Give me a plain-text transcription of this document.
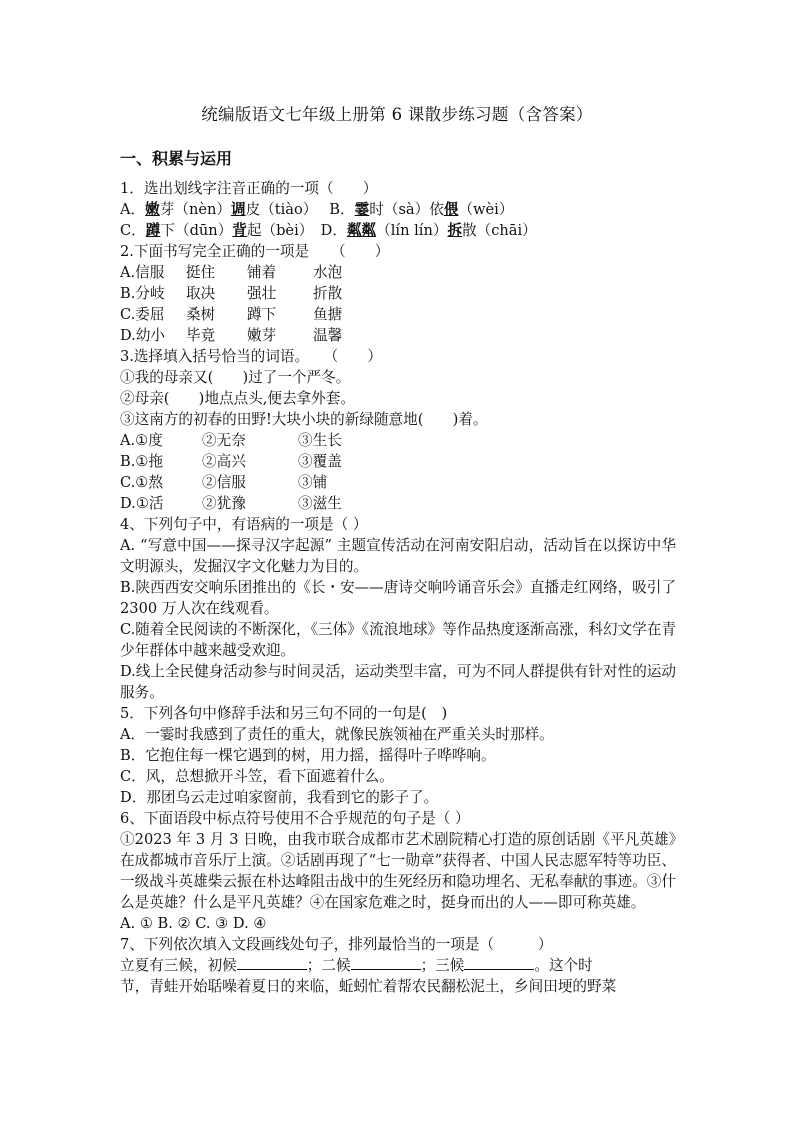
统编版语文七年级上册第 6 课散步练习题（含答案）
一、积累与运用
1．选出划线字注音正确的一项（　　）
A．嫩芽（nèn）调皮（tiào）　 B．霎时（sà）依偎（wèi）
C．蹲下（dūn）背起（bèi）　D．粼粼（lín lín）拆散（chāi）
2.下面书写完全正确的一项是　　（　　）
A.信服 挺住 铺着	水泡
B.分岐 取决 强壮	折散
C.委屈 桑树 蹲下	鱼搪
D.幼小 毕竟 嫩芽	温馨
3.选择填入括号恰当的词语。　　（　　）
①我的母亲又(　　)过了一个严冬。
②母亲(　　)地点点头,便去拿外套。
③这南方的初春的田野!大块小块的新绿随意地(　　)着。
A.①度	②无奈	③生长
B.①拖	②高兴	③覆盖
C.①熬	②信服	③铺
D.①活	②犹豫	③滋生
4、下列句子中，有语病的一项是（ ）
A. “写意中国——探寻汉字起源” 主题宣传活动在河南安阳启动，活动旨在以探访中华文明源头，发掘汉字文化魅力为目的。
B.陕西西安交响乐团推出的《长・安——唐诗交响吟诵音乐会》直播走红网络，吸引了 2300 万人次在线观看。
C.随着全民阅读的不断深化，《三体》《流浪地球》等作品热度逐渐高涨，科幻文学在青少年群体中越来越受欢迎。
D.线上全民健身活动参与时间灵活，运动类型丰富，可为不同人群提供有针对性的运动服务。
5．下列各句中修辞手法和另三句不同的一句是(　)
A．一霎时我感到了责任的重大，就像民族领袖在严重关头时那样。
B．它抱住每一棵它遇到的树，用力摇，摇得叶子哗哗响。
C．风，总想掀开斗笠，看下面遮着什么。
D．那团乌云走过咱家窗前，我看到它的影子了。
6、下面语段中标点符号使用不合乎规范的句子是（ ）
①2023 年 3 月 3 日晚，由我市联合成都市艺术剧院精心打造的原创话剧《平凡英雄》在成都城市音乐厅上演。②话剧再现了“七一勋章”获得者、中国人民志愿军特等功臣、一级战斗英雄柴云振在朴达峰阻击战中的生死经历和隐功埋名、无私奉献的事迹。③什么是英雄？什么是平凡英雄？④在国家危难之时，挺身而出的人——即可称英雄。
A. ① B. ② C. ③ D. ④
7、下列依次填入文段画线处句子，排列最恰当的一项是（　　　）
立夏有三候，初候	；二候	；三候	。这个时
节，青蛙开始聒噪着夏日的来临，蚯蚓忙着帮农民翻松泥土，乡间田埂的野菜
